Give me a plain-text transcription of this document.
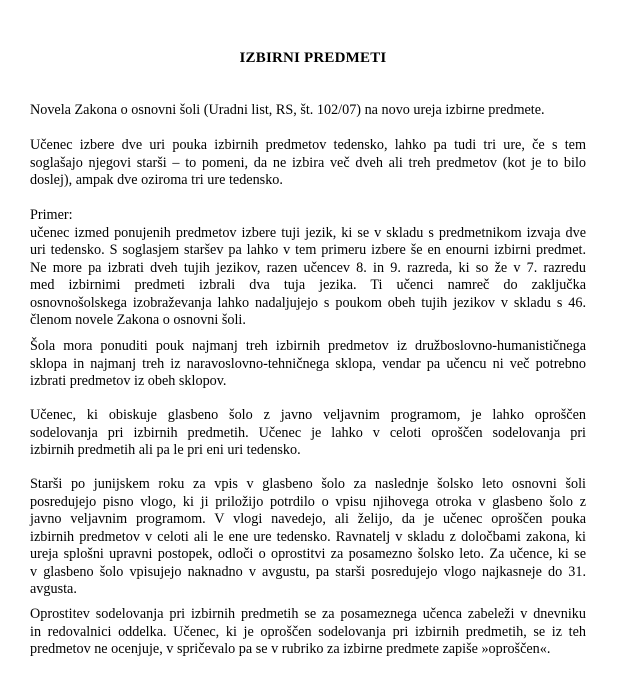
IZBIRNI PREDMETI

Novela Zakona o osnovni šoli (Uradni list, RS, št. 102/07) na novo ureja izbirne predmete.

Učenec izbere dve uri pouka izbirnih predmetov tedensko, lahko pa tudi tri ure, če s tem
soglašajo njegovi starši – to pomeni, da ne izbira več dveh ali treh predmetov (kot je to bilo
doslej), ampak dve oziroma tri ure tedensko.

Primer:
učenec izmed ponujenih predmetov izbere tuji jezik, ki se v skladu s predmetnikom izvaja dve
uri tedensko. S soglasjem staršev pa lahko v tem primeru izbere še en enourni izbirni predmet.
Ne more pa izbrati dveh tujih jezikov, razen učencev 8. in 9. razreda, ki so že v 7. razredu
med izbirnimi predmeti izbrali dva tuja jezika. Ti učenci namreč do zaključka
osnovnošolskega izobraževanja lahko nadaljujejo s poukom obeh tujih jezikov v skladu s 46.
členom novele Zakona o osnovni šoli.

Šola mora ponuditi pouk najmanj treh izbirnih predmetov iz družboslovno-humanističnega
sklopa in najmanj treh iz naravoslovno-tehničnega sklopa, vendar pa učencu ni več potrebno
izbrati predmetov iz obeh sklopov.

Učenec, ki obiskuje glasbeno šolo z javno veljavnim programom, je lahko oproščen
sodelovanja pri izbirnih predmetih. Učenec je lahko v celoti oproščen sodelovanja pri
izbirnih predmetih ali pa le pri eni uri tedensko.

Starši po junijskem roku za vpis v glasbeno šolo za naslednje šolsko leto osnovni šoli
posredujejo pisno vlogo, ki ji priložijo potrdilo o vpisu njihovega otroka v glasbeno šolo z
javno veljavnim programom. V vlogi navedejo, ali želijo, da je učenec oproščen pouka
izbirnih predmetov v celoti ali le ene ure tedensko. Ravnatelj v skladu z določbami zakona, ki
ureja splošni upravni postopek, odloči o oprostitvi za posamezno šolsko leto. Za učence, ki se
v glasbeno šolo vpisujejo naknadno v avgustu, pa starši posredujejo vlogo najkasneje do 31.
avgusta.

Oprostitev sodelovanja pri izbirnih predmetih se za posameznega učenca zabeleži v dnevniku
in redovalnici oddelka. Učenec, ki je oproščen sodelovanja pri izbirnih predmetih, se iz teh
predmetov ne ocenjuje, v spričevalo pa se v rubriko za izbirne predmete zapiše »oproščen«.
